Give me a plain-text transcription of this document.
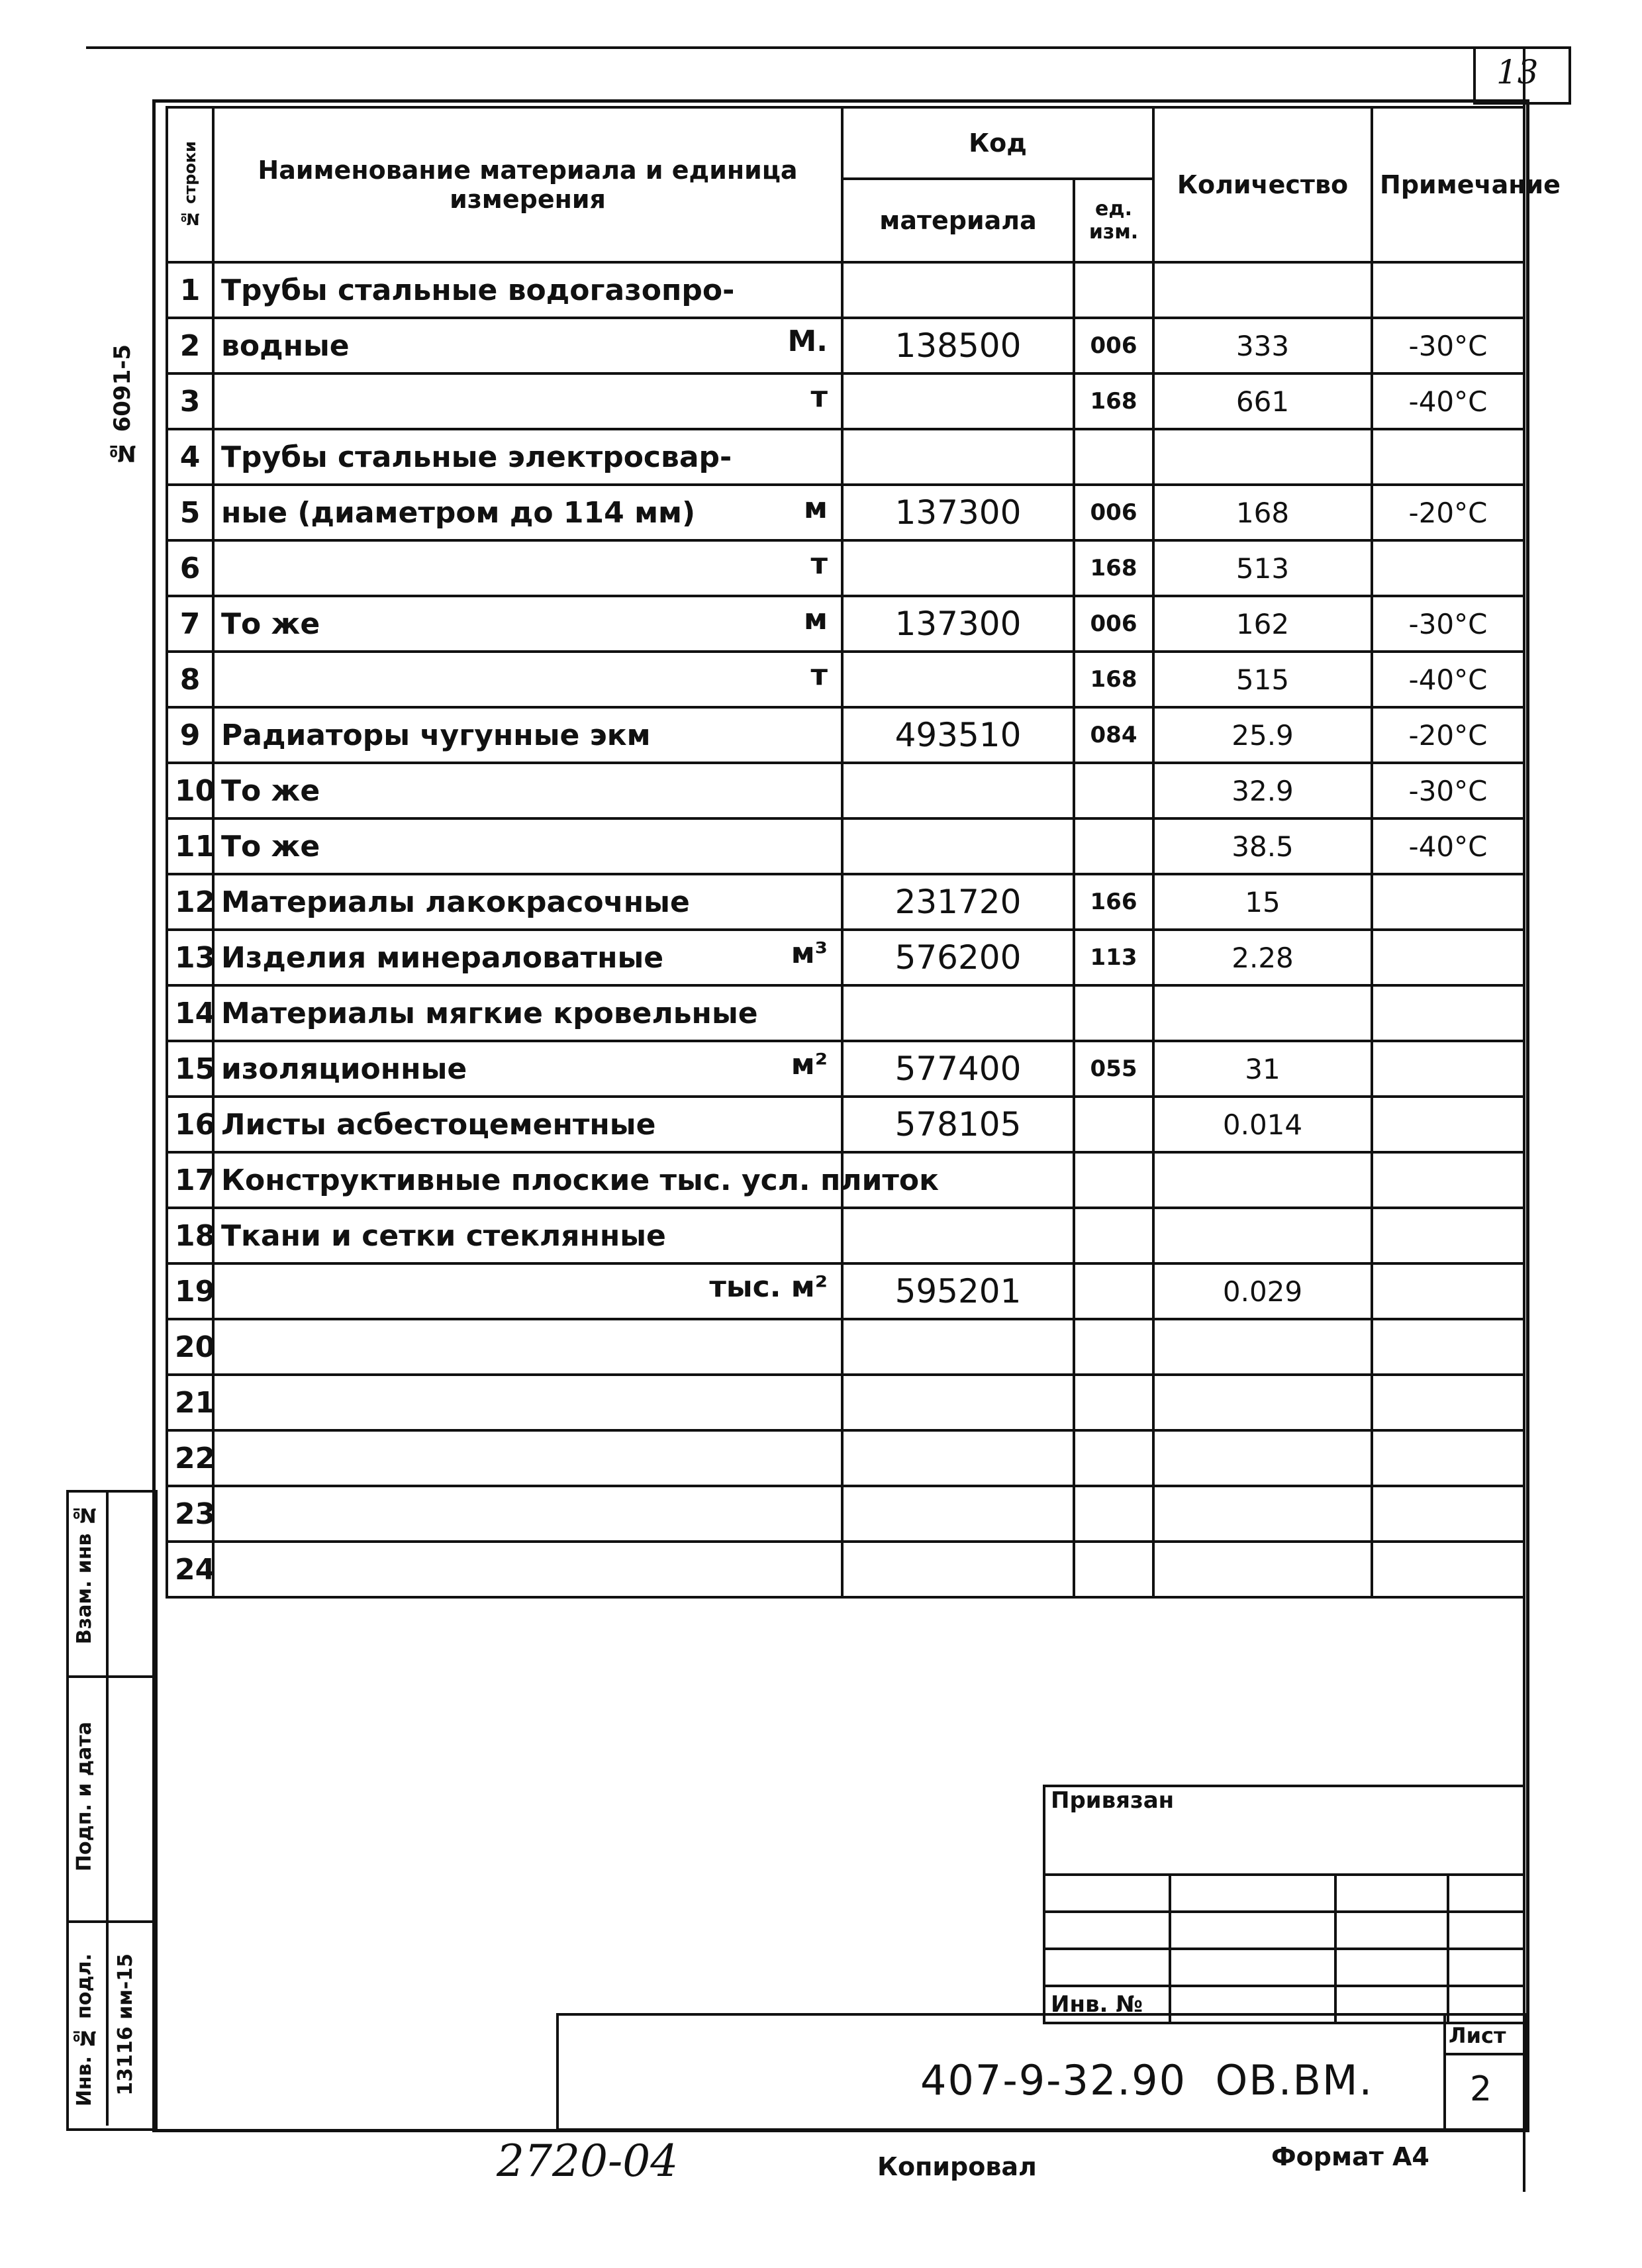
13
№ 6091-5
Взам. инв №
Подп. и дата
Инв. № подл. 13116 им-15
№ строки	Наименование материала и единица измерения	Код		Количество	Примечание
		материала	ед. изм.		
1	Трубы стальные водогазопро-

2	водные М.	138500	006	333	-30°С
3	т		168	661	-40°С
4	Трубы стальные электросвар-

5	ные (диаметром до 114 мм) м	137300	006	168	-20°С
6	т		168	513	
7	То же м	137300	006	162	-30°С
8	т		168	515	-40°С
9	Радиаторы чугунные экм	493510	084	25.9	-20°С
10	То же			32.9	-30°С
11	То же			38.5	-40°С
12	Материалы лакокрасочные	231720	166	15	
13	Изделия минераловатные м³	576200	113	2.28	
14	Материалы мягкие кровельные

15	изоляционные м²	577400	055	31	
16	Листы асбестоцементные	578105		0.014	
17	Конструктивные плоские тыс. усл. плиток

18	Ткани и сетки стеклянные

19	тыс. м²	595201		0.029	
20	

21	

22	

23	

24	

Привязан			

Инв. №			
Лист
2
407-9-32.90  ОВ.ВМ.
2720-04	Копировал	Формат А4
